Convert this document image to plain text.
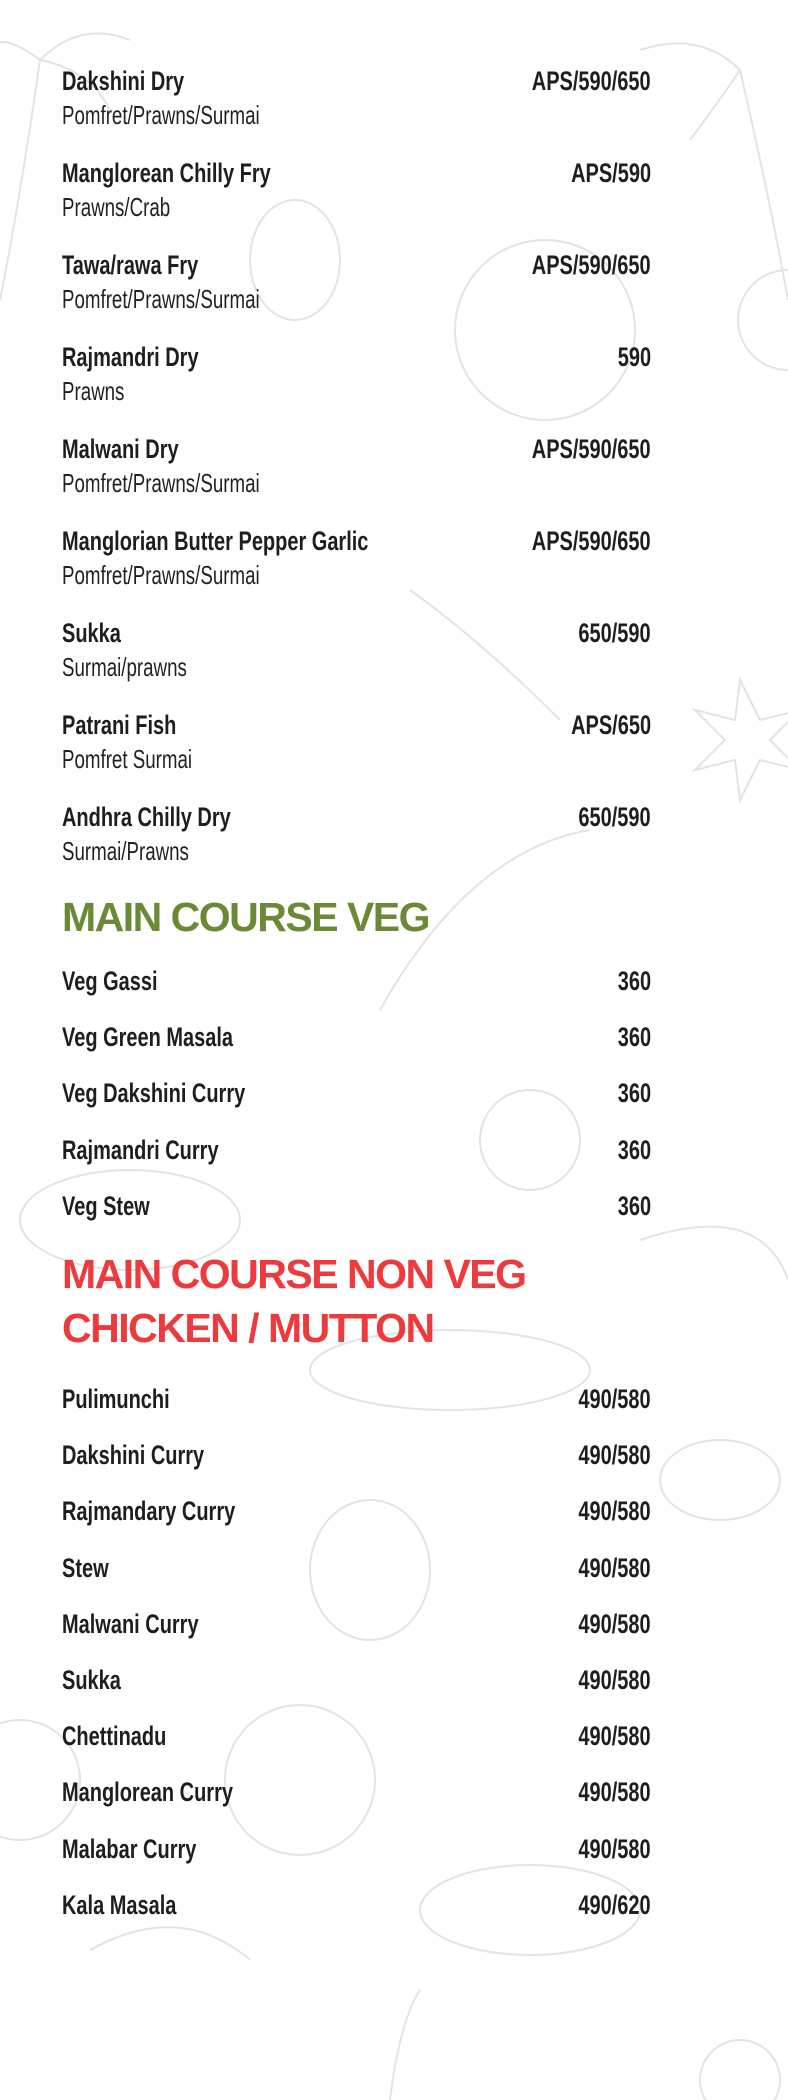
Dakshini Dry	APS/590/650
Pomfret/Prawns/Surmai
Manglorean Chilly Fry	APS/590
Prawns/Crab
Tawa/rawa Fry	APS/590/650
Pomfret/Prawns/Surmai
Rajmandri Dry	590
Prawns
Malwani Dry	APS/590/650
Pomfret/Prawns/Surmai
Manglorian Butter Pepper Garlic	APS/590/650
Pomfret/Prawns/Surmai
Sukka	650/590
Surmai/prawns
Patrani Fish	APS/650
Pomfret Surmai
Andhra Chilly Dry	650/590
Surmai/Prawns
MAIN COURSE VEG
Veg Gassi	360
Veg Green Masala	360
Veg Dakshini Curry	360
Rajmandri Curry	360
Veg Stew	360
MAIN COURSE NON VEG
CHICKEN / MUTTON
Pulimunchi	490/580
Dakshini Curry	490/580
Rajmandary Curry	490/580
Stew	490/580
Malwani Curry	490/580
Sukka	490/580
Chettinadu	490/580
Manglorean Curry	490/580
Malabar Curry	490/580
Kala Masala	490/620
